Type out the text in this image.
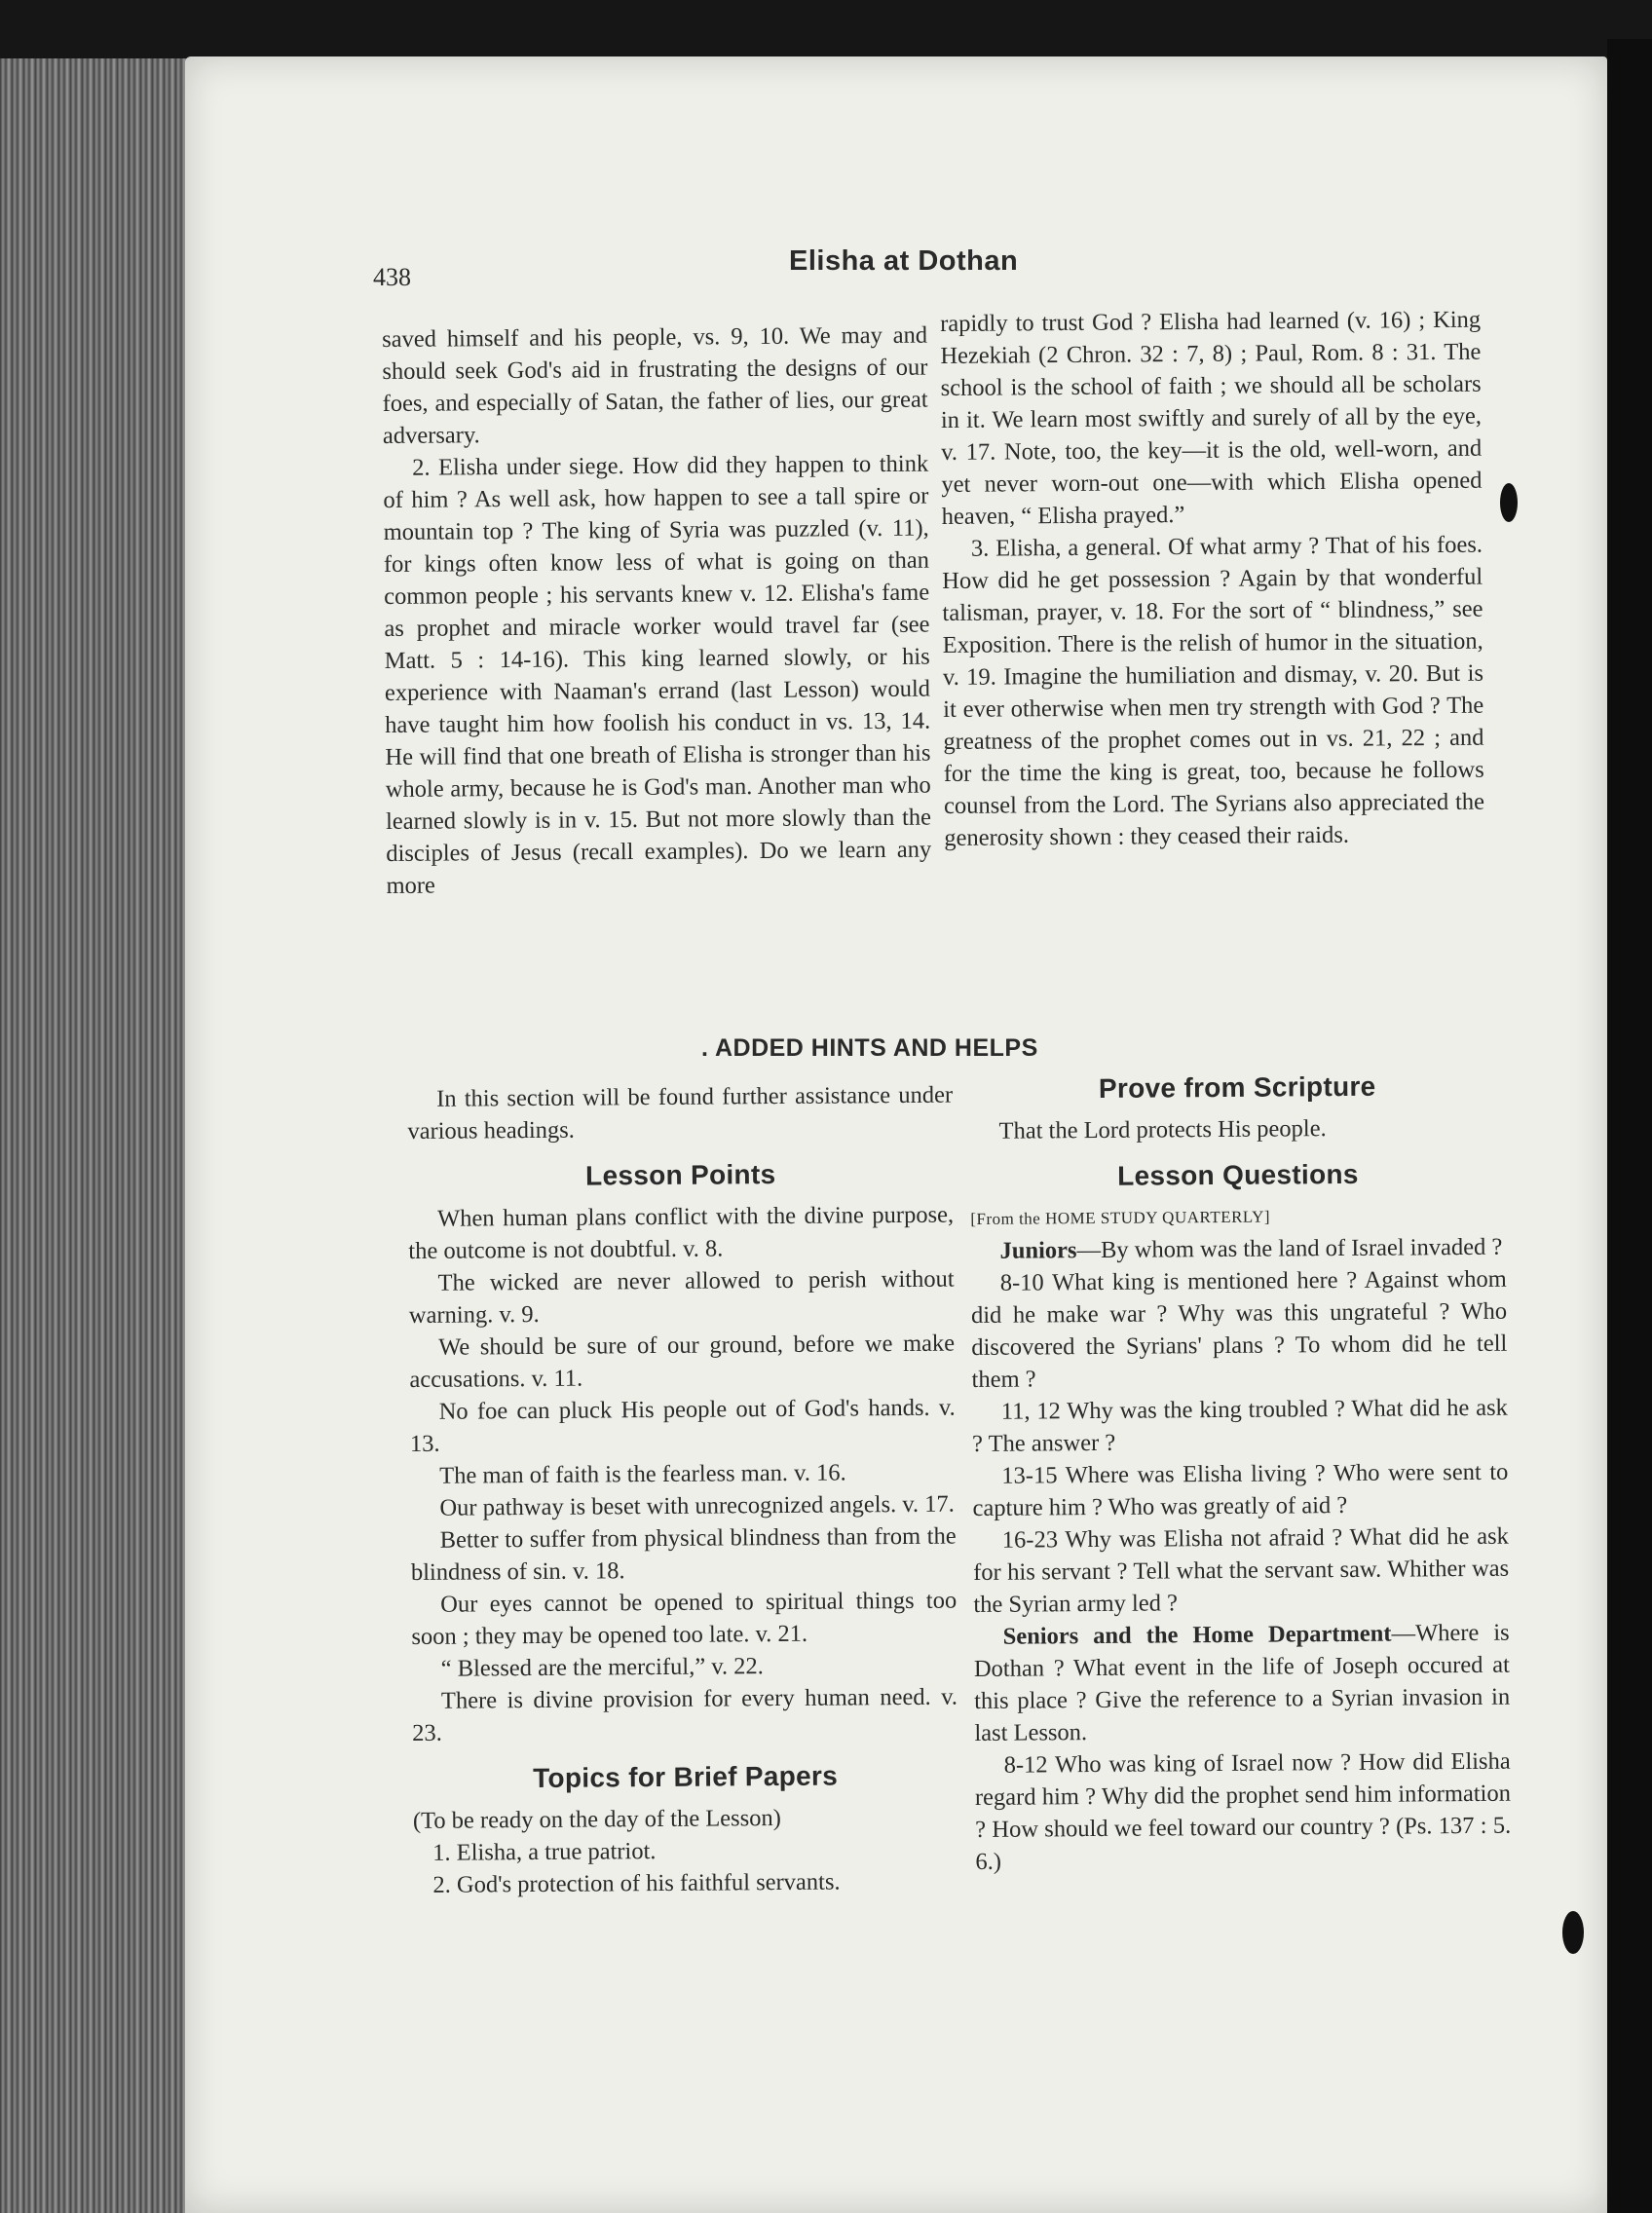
438
Elisha at Dothan

saved himself and his people, vs. 9, 10. We may and should seek God's aid in frustrating the designs of our foes, and especially of Satan, the father of lies, our great adversary.

2. Elisha under siege. How did they happen to think of him ? As well ask, how happen to see a tall spire or mountain top ? The king of Syria was puzzled (v. 11), for kings often know less of what is going on than common people ; his servants knew v. 12. Elisha's fame as prophet and miracle worker would travel far (see Matt. 5 : 14-16). This king learned slowly, or his experience with Naaman's errand (last Lesson) would have taught him how foolish his conduct in vs. 13, 14. He will find that one breath of Elisha is stronger than his whole army, because he is God's man. Another man who learned slowly is in v. 15. But not more slowly than the disciples of Jesus (recall examples). Do we learn any more

rapidly to trust God ? Elisha had learned (v. 16) ; King Hezekiah (2 Chron. 32 : 7, 8) ; Paul, Rom. 8 : 31. The school is the school of faith ; we should all be scholars in it. We learn most swiftly and surely of all by the eye, v. 17. Note, too, the key—it is the old, well-worn, and yet never worn-out one—with which Elisha opened heaven, “ Elisha prayed.”

3. Elisha, a general. Of what army ? That of his foes. How did he get possession ? Again by that wonderful talisman, prayer, v. 18. For the sort of “ blindness,” see Exposition. There is the relish of humor in the situation, v. 19. Imagine the humiliation and dismay, v. 20. But is it ever otherwise when men try strength with God ? The greatness of the prophet comes out in vs. 21, 22 ; and for the time the king is great, too, because he follows counsel from the Lord. The Syrians also appreciated the generosity shown : they ceased their raids.

. ADDED HINTS AND HELPS

In this section will be found further assistance under various headings.

Lesson Points

When human plans conflict with the divine purpose, the outcome is not doubtful. v. 8.

The wicked are never allowed to perish without warning. v. 9.

We should be sure of our ground, before we make accusations. v. 11.

No foe can pluck His people out of God's hands. v. 13.

The man of faith is the fearless man. v. 16.

Our pathway is beset with unrecognized angels. v. 17.

Better to suffer from physical blindness than from the blindness of sin. v. 18.

Our eyes cannot be opened to spiritual things too soon ; they may be opened too late. v. 21.

“ Blessed are the merciful,” v. 22.

There is divine provision for every human need. v. 23.

Topics for Brief Papers

(To be ready on the day of the Lesson)

1. Elisha, a true patriot.

2. God's protection of his faithful servants.

Prove from Scripture

That the Lord protects His people.

Lesson Questions

[From the HOME STUDY QUARTERLY]

Juniors—By whom was the land of Israel invaded ?

8-10 What king is mentioned here ? Against whom did he make war ? Why was this ungrateful ? Who discovered the Syrians' plans ? To whom did he tell them ?

11, 12 Why was the king troubled ? What did he ask ? The answer ?

13-15 Where was Elisha living ? Who were sent to capture him ? Who was greatly of aid ?

16-23 Why was Elisha not afraid ? What did he ask for his servant ? Tell what the servant saw. Whither was the Syrian army led ?

Seniors and the Home Department—Where is Dothan ? What event in the life of Joseph occured at this place ? Give the reference to a Syrian invasion in last Lesson.

8-12 Who was king of Israel now ? How did Elisha regard him ? Why did the prophet send him information ? How should we feel toward our country ? (Ps. 137 : 5. 6.)
